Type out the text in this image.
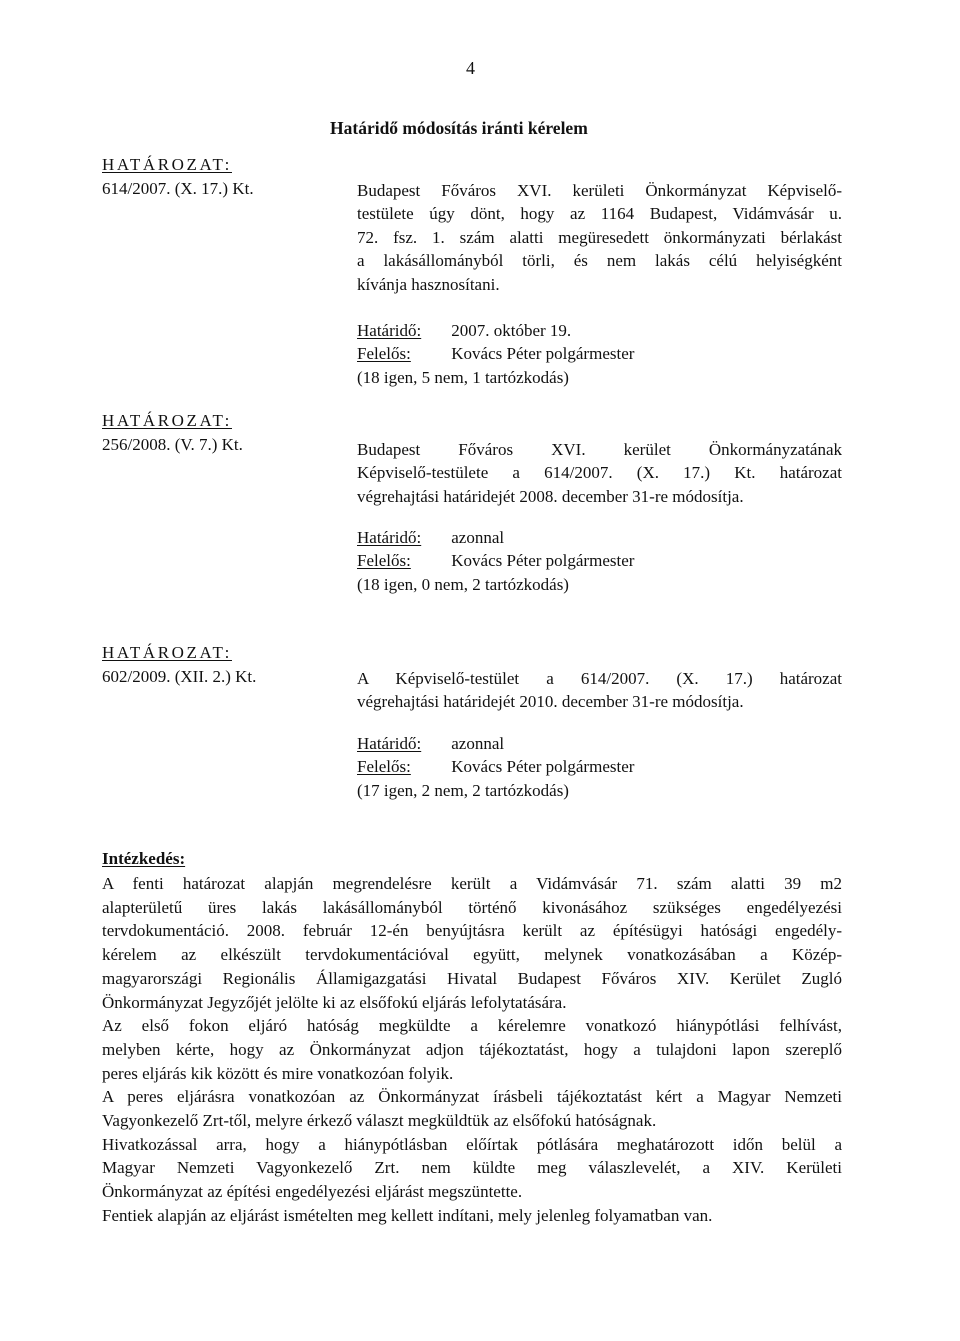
4
Határidő módosítás iránti kérelem
HATÁROZAT:
614/2007. (X. 17.) Kt.	Budapest Főváros XVI. kerületi Önkormányzat Képviselő-
testülete úgy dönt, hogy az 1164 Budapest, Vidámvásár u.
72. fsz. 1. szám alatti megüresedett önkormányzati bérlakást
a lakásállományból törli, és nem lakás célú helyiségként
kívánja hasznosítani.
Határidő: 2007. október 19.
Felelős: Kovács Péter polgármester
(18 igen, 5 nem, 1 tartózkodás)
HATÁROZAT:
256/2008. (V. 7.) Kt.	Budapest Főváros XVI. kerület Önkormányzatának
Képviselő-testülete a 614/2007. (X. 17.) Kt. határozat
végrehajtási határidejét 2008. december 31-re módosítja.
Határidő: azonnal
Felelős: Kovács Péter polgármester
(18 igen, 0 nem, 2 tartózkodás)
HATÁROZAT:
602/2009. (XII. 2.) Kt.	A Képviselő-testület a 614/2007. (X. 17.) határozat
végrehajtási határidejét 2010. december 31-re módosítja.
Határidő: azonnal
Felelős: Kovács Péter polgármester
(17 igen, 2 nem, 2 tartózkodás)
Intézkedés:
A fenti határozat alapján megrendelésre került a Vidámvásár 71. szám alatti 39 m2
alapterületű üres lakás lakásállományból történő kivonásához szükséges engedélyezési
tervdokumentáció. 2008. február 12-én benyújtásra került az építésügyi hatósági engedély-
kérelem az elkészült tervdokumentációval együtt, melynek vonatkozásában a Közép-
magyarországi Regionális Államigazgatási Hivatal Budapest Főváros XIV. Kerület Zugló
Önkormányzat Jegyzőjét jelölte ki az elsőfokú eljárás lefolytatására.
Az első fokon eljáró hatóság megküldte a kérelemre vonatkozó hiánypótlási felhívást,
melyben kérte, hogy az Önkormányzat adjon tájékoztatást, hogy a tulajdoni lapon szereplő
peres eljárás kik között és mire vonatkozóan folyik.
A peres eljárásra vonatkozóan az Önkormányzat írásbeli tájékoztatást kért a Magyar Nemzeti
Vagyonkezelő Zrt-től, melyre érkező választ megküldtük az elsőfokú hatóságnak.
Hivatkozással arra, hogy a hiánypótlásban előírtak pótlására meghatározott időn belül a
Magyar Nemzeti Vagyonkezelő Zrt. nem küldte meg válaszlevelét, a XIV. Kerületi
Önkormányzat az építési engedélyezési eljárást megszüntette.
Fentiek alapján az eljárást ismételten meg kellett indítani, mely jelenleg folyamatban van.
